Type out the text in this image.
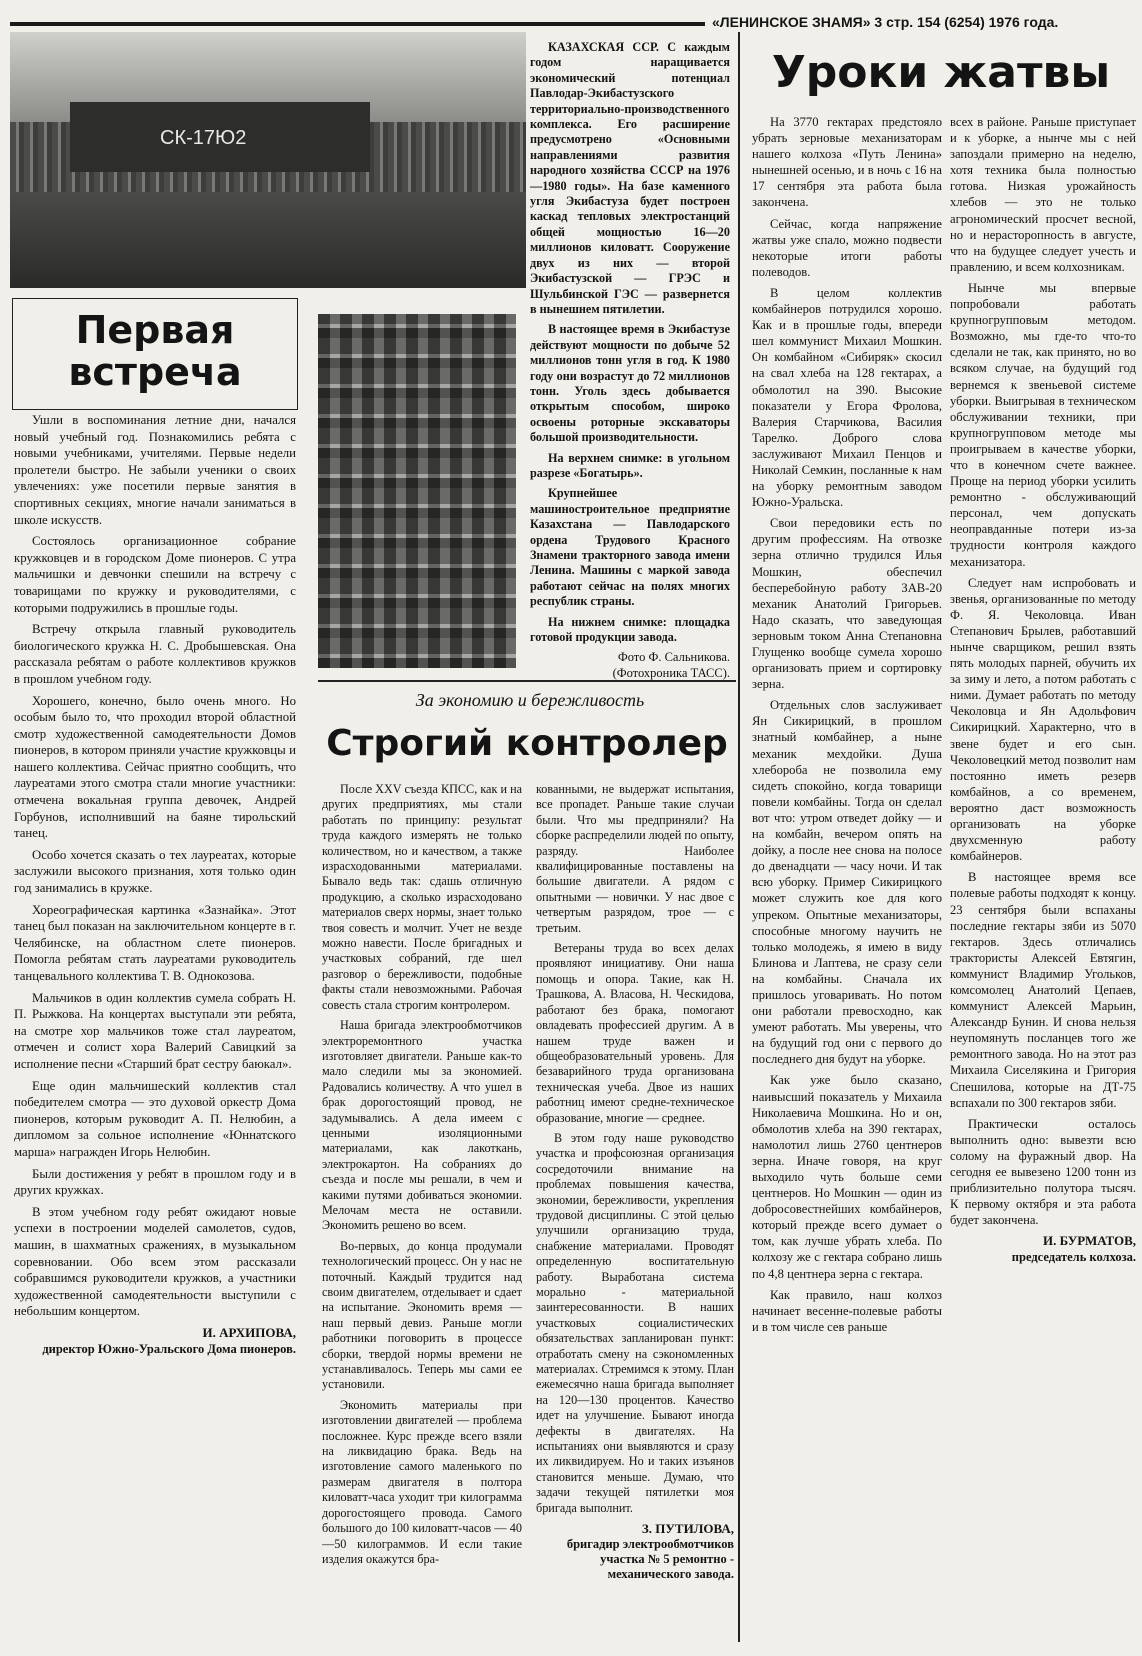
«ЛЕНИНСКОЕ ЗНАМЯ» 3 стр. 154 (6254) 1976 года.
СК-17Ю2

КАЗАХСКАЯ ССР. С каждым годом наращивается экономический потенциал Павлодар-Экибастузского территориально-производственного комплекса. Его расширение предусмотрено «Основными направлениями развития народного хозяйства СССР на 1976—1980 годы». На базе каменного угля Экибастуза будет построен каскад тепловых электростанций общей мощностью 16—20 миллионов киловатт. Сооружение двух из них — второй Экибастузской — ГРЭС и Шульбинской ГЭС — развернется в нынешнем пятилетии.

В настоящее время в Экибастузе действуют мощности по добыче 52 миллионов тонн угля в год. К 1980 году они возрастут до 72 миллионов тонн. Уголь здесь добывается открытым способом, широко освоены роторные экскаваторы большой производительности.

На верхнем снимке: в угольном разрезе «Богатырь».

Крупнейшее машиностроительное предприятие Казахстана — Павлодарского ордена Трудового Красного Знамени тракторного завода имени Ленина. Машины с маркой завода работают сейчас на полях многих республик страны.

На нижнем снимке: площадка готовой продукции завода.

Фото Ф. Сальникова.
(Фотохроника ТАСС).
Первая
встреча

Ушли в воспоминания летние дни, начался новый учебный год. Познакомились ребята с новыми учебниками, учителями. Первые недели пролетели быстро. Не забыли ученики о своих увлечениях: уже посетили первые занятия в спортивных секциях, многие начали заниматься в школе искусств.

Состоялось организационное собрание кружковцев и в городском Доме пионеров. С утра мальчишки и девчонки спешили на встречу с товарищами по кружку и руководителями, с которыми подружились в прошлые годы.

Встречу открыла главный руководитель биологического кружка Н. С. Дробышевская. Она рассказала ребятам о работе коллективов кружков в прошлом учебном году.

Хорошего, конечно, было очень много. Но особым было то, что проходил второй областной смотр художественной самодеятельности Домов пионеров, в котором приняли участие кружковцы и нашего коллектива. Сейчас приятно сообщить, что лауреатами этого смотра стали многие участники: отмечена вокальная группа девочек, Андрей Горбунов, исполнивший на баяне тирольский танец.

Особо хочется сказать о тех лауреатах, которые заслужили высокого признания, хотя только один год занимались в кружке.

Хореографическая картинка «Зазнайка». Этот танец был показан на заключительном концерте в г. Челябинске, на областном слете пионеров. Помогла ребятам стать лауреатами руководитель танцевального коллектива Т. В. Однокозова.

Мальчиков в один коллектив сумела собрать Н. П. Рыжкова. На концертах выступали эти ребята, на смотре хор мальчиков тоже стал лауреатом, отмечен и солист хора Валерий Савицкий за исполнение песни «Старший брат сестру баюкал».

Еще один мальчишеский коллектив стал победителем смотра — это духовой оркестр Дома пионеров, которым руководит А. П. Нелюбин, а дипломом за сольное исполнение «Юннатского марша» награжден Игорь Нелюбин.

Были достижения у ребят в прошлом году и в других кружках.

В этом учебном году ребят ожидают новые успехи в построении моделей самолетов, судов, машин, в шахматных сражениях, в музыкальном соревновании. Обо всем этом рассказали собравшимся руководители кружков, а участники художественной самодеятельности выступили с небольшим концертом.

И. АРХИПОВА,
директор Южно-Уральского Дома пионеров.
За экономию и бережливость
Строгий контролер

После XXV съезда КПСС, как и на других предприятиях, мы стали работать по принципу: результат труда каждого измерять не только количеством, но и качеством, а также израсходованными материалами. Бывало ведь так: сдашь отличную продукцию, а сколько израсходовано материалов сверх нормы, знает только твоя совесть и молчит. Учет не везде можно навести. После бригадных и участковых собраний, где шел разговор о бережливости, подобные факты стали невозможными. Рабочая совесть стала строгим контролером.

Наша бригада электрообмотчиков электроремонтного участка изготовляет двигатели. Раньше как-то мало следили мы за экономией. Радовались количеству. А что ушел в брак дорогостоящий провод, не задумывались. А дела имеем с ценными изоляционными материалами, как лакоткань, электрокартон. На собраниях до съезда и после мы решали, в чем и какими путями добиваться экономии. Мелочам места не оставили. Экономить решено во всем.

Во-первых, до конца продумали технологический процесс. Он у нас не поточный. Каждый трудится над своим двигателем, отделывает и сдает на испытание. Экономить время — наш первый девиз. Раньше могли работники поговорить в процессе сборки, твердой нормы времени не устанавливалось. Теперь мы сами ее установили.

Экономить материалы при изготовлении двигателей — проблема посложнее. Курс прежде всего взяли на ликвидацию брака. Ведь на изготовление самого маленького по размерам двигателя в полтора киловатт-часа уходит три килограмма дорогостоящего провода. Самого большого до 100 киловатт-часов — 40—50 килограммов. И если такие изделия окажутся бра-

кованными, не выдержат испытания, все пропадет. Раньше такие случаи были. Что мы предприняли? На сборке распределили людей по опыту, разряду. Наиболее квалифицированные поставлены на большие двигатели. А рядом с опытными — новички. У нас двое с четвертым разрядом, трое — с третьим.

Ветераны труда во всех делах проявляют инициативу. Они наша помощь и опора. Такие, как Н. Трашкова, А. Власова, Н. Ческидова, работают без брака, помогают овладевать профессией другим. А в нашем труде важен и общеобразовательный уровень. Для безаварийного труда организована техническая учеба. Двое из наших работниц имеют средне-техническое образование, многие — среднее.

В этом году наше руководство участка и профсоюзная организация сосредоточили внимание на проблемах повышения качества, экономии, бережливости, укрепления трудовой дисциплины. С этой целью улучшили организацию труда, снабжение материалами. Проводят определенную воспитательную работу. Выработана система морально - материальной заинтересованности. В наших участковых социалистических обязательствах запланирован пункт: отработать смену на сэкономленных материалах. Стремимся к этому. План ежемесячно наша бригада выполняет на 120—130 процентов. Качество идет на улучшение. Бывают иногда дефекты в двигателях. На испытаниях они выявляются и сразу их ликвидируем. Но и таких изъянов становится меньше. Думаю, что задачи текущей пятилетки моя бригада выполнит.

З. ПУТИЛОВА,
бригадир электрообмотчиков участка № 5 ремонтно - механического завода.
Уроки жатвы

На 3770 гектарах предстояло убрать зерновые механизаторам нашего колхоза «Путь Ленина» нынешней осенью, и в ночь с 16 на 17 сентября эта работа была закончена.

Сейчас, когда напряжение жатвы уже спало, можно подвести некоторые итоги работы полеводов.

В целом коллектив комбайнеров потрудился хорошо. Как и в прошлые годы, впереди шел коммунист Михаил Мошкин. Он комбайном «Сибиряк» скосил на свал хлеба на 128 гектарах, а обмолотил на 390. Высокие показатели у Егора Фролова, Валерия Старчикова, Василия Тарелко. Доброго слова заслуживают Михаил Пенцов и Николай Семкин, посланные к нам на уборку ремонтным заводом Южно-Уральска.

Свои передовики есть по другим профессиям. На отвозке зерна отлично трудился Илья Мошкин, обеспечил бесперебойную работу ЗАВ-20 механик Анатолий Григорьев. Надо сказать, что заведующая зерновым током Анна Степановна Глущенко вообще сумела хорошо организовать прием и сортировку зерна.

Отдельных слов заслуживает Ян Сикирицкий, в прошлом знатный комбайнер, а ныне механик мехдойки. Душа хлебороба не позволила ему сидеть спокойно, когда товарищи повели комбайны. Тогда он сделал вот что: утром отведет дойку — и на комбайн, вечером опять на дойку, а после нее снова на полосе до двенадцати — часу ночи. И так всю уборку. Пример Сикирицкого может служить кое для кого упреком. Опытные механизаторы, способные многому научить не только молодежь, я имею в виду Блинова и Лаптева, не сразу сели на комбайны. Сначала их пришлось уговаривать. Но потом они работали превосходно, как умеют работать. Мы уверены, что на будущий год они с первого до последнего дня будут на уборке.

Как уже было сказано, наивысший показатель у Михаила Николаевича Мошкина. Но и он, обмолотив хлеба на 390 гектарах, намолотил лишь 2760 центнеров зерна. Иначе говоря, на круг выходило чуть больше семи центнеров. Но Мошкин — один из добросовестнейших комбайнеров, который прежде всего думает о том, как лучше убрать хлеба. По колхозу же с гектара собрано лишь по 4,8 центнера зерна с гектара.

Как правило, наш колхоз начинает весенне-полевые работы и в том числе сев раньше

всех в районе. Раньше приступает и к уборке, а нынче мы с ней запоздали примерно на неделю, хотя техника была полностью готова. Низкая урожайность хлебов — это не только агрономический просчет весной, но и нерасторопность в августе, что на будущее следует учесть и правлению, и всем колхозникам.

Нынче мы впервые попробовали работать крупногрупповым методом. Возможно, мы где-то что-то сделали не так, как принято, но во всяком случае, на будущий год вернемся к звеньевой системе уборки. Выигрывая в техническом обслуживании техники, при крупногрупповом методе мы проигрываем в качестве уборки, что в конечном счете важнее. Проще на период уборки усилить ремонтно - обслуживающий персонал, чем допускать неоправданные потери из-за трудности контроля каждого механизатора.

Следует нам испробовать и звенья, организованные по методу Ф. Я. Чеколовца. Иван Степанович Брылев, работавший нынче сварщиком, решил взять пять молодых парней, обучить их за зиму и лето, а потом работать с ними. Думает работать по методу Чеколовца и Ян Адольфович Сикирицкий. Характерно, что в звене будет и его сын. Чеколовецкий метод позволит нам постоянно иметь резерв комбайнов, а со временем, вероятно даст возможность организовать на уборке двухсменную работу комбайнеров.

В настоящее время все полевые работы подходят к концу. 23 сентября были вспаханы последние гектары зяби из 5070 гектаров. Здесь отличались трактористы Алексей Евтягин, коммунист Владимир Угольков, комсомолец Анатолий Цепаев, коммунист Алексей Марьин, Александр Бунин. И снова нельзя неупомянуть посланцев того же ремонтного завода. Но на этот раз Михаила Сиселякина и Григория Спешилова, которые на ДТ-75 вспахали по 300 гектаров зяби.

Практически осталось выполнить одно: вывезти всю солому на фуражный двор. На сегодня ее вывезено 1200 тонн из приблизительно полутора тысяч. К первому октября и эта работа будет закончена.

И. БУРМАТОВ,
председатель колхоза.
